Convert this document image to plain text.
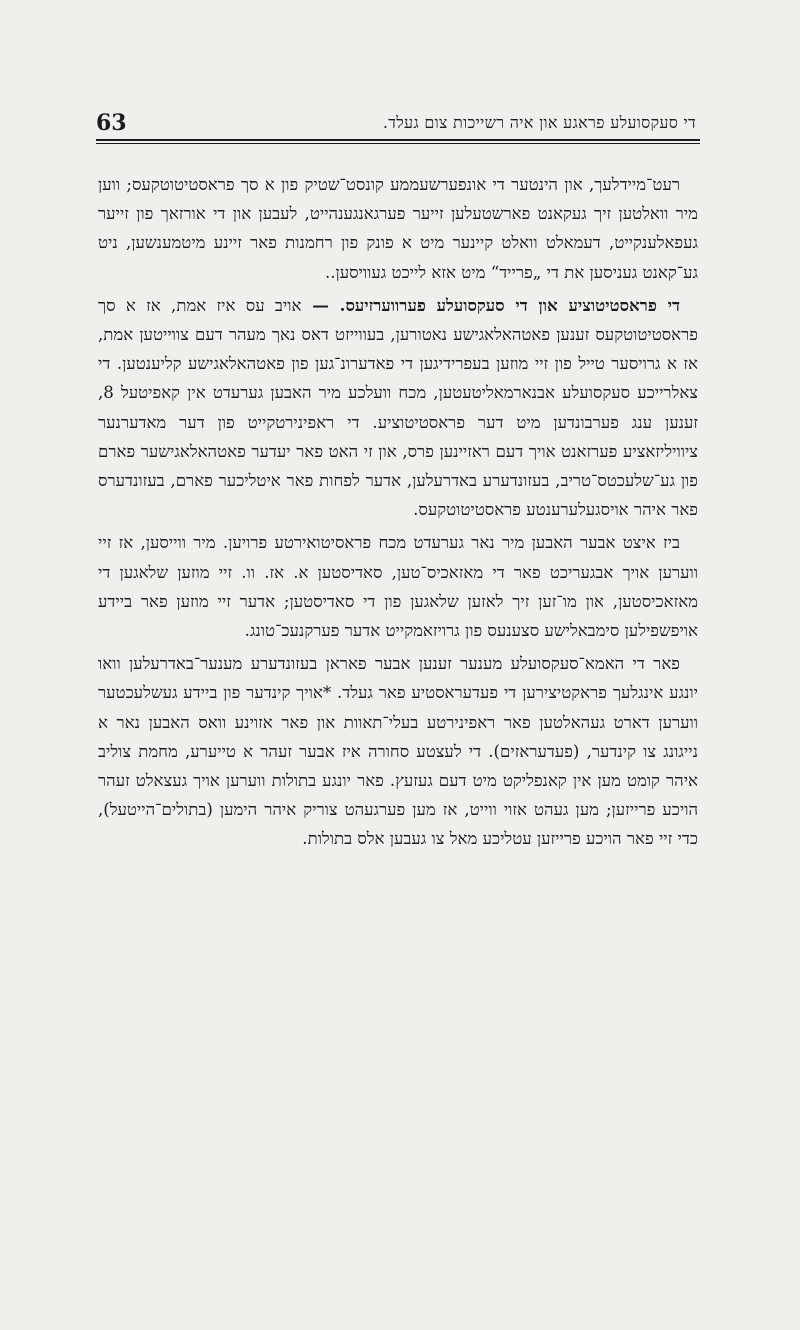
63	די סעקסועלע פראגע און איה רשייכות צום געלד.

רעט־מיידלעך, און הינטער די אונפערשעממע קונסט־שטיק פון א סך פראסטיטוטקעס; ווען מיר וואלטען זיך געקאנט פארשטעלען זייער פערגאנגענהייט, לעבען און די אורזאך פון זייער געפאלענקייט, דעמאלט וואלט קיינער מיט א פונק פון רחמנות פאר זיינע מיטמענשען, ניט גע־קאנט געניסען את די „פרייד“ מיט אזא לייכט געוויסען..

די פראסטיטוציע און די סעקסועלע פערווערזיעס. — אויב עס איז אמת, אז א סך פראסטיטוטקעס זענען פאטהאלאגישע נאטורען, בעווייזט דאס נאך מעהר דעם צווייטען אמת, אז א גרויסער טייל פון זיי מוזען בעפרידיגען די פאדערונ־גען פון פאטהאלאגישע קליענטען. די צאלרייכע סעקסועלע אבנארמאליטעטען, מכח וועלכע מיר האבען גערעדט אין קאפיטעל 8, זענען ענג פערבונדען מיט דער פראסטיטוציע. די ראפינירטקייט פון דער מאדערנער ציוויליזאציע פערזאנט אויך דעם ראזיינען פרס, און זי האט פאר יעדער פאטהאלאגישער פארם פון גע־שלעכטס־טריב, בעזונדערע באדרעלען, אדער לפחות פאר איטליכער פארם, בעזונדערס פאר איהר אויסגעלערענטע פראסטיטוטקעס.

ביז איצט אבער האבען מיר נאר גערעדט מכח פראסיטואירטע פרויען. מיר ווייסען, אז זיי ווערען אויך אבגעריכט פאר די מאזאכיס־טען, סאדיסטען א. אז. וו. זיי מוזען שלאגען די מאזאכיסטען, און מו־זען זיך לאזען שלאגען פון די סאדיסטען; אדער זיי מוזען פאר ביידע אויפשפילען סימבאלישע סצענעס פון גרויזאמקייט אדער פערקנעכ־טונג.

פאר די האמא־סעקסועלע מענער זענען אבער פאראן בעזונדערע מענער־באדרעלען וואו יונגע אינגלעך פראקטיצירען די פעדעראסטיע פאר געלד. *אויך קינדער פון ביידע געשלעכטער ווערען דארט געהאלטען פאר ראפינירטע בעלי־תאוות און פאר אזוינע וואס האבען נאר א נייגונג צו קינדער, (פעדעראזים). די לעצטע סחורה איז אבער זעהר א טייערע, מחמת צוליב איהר קומט מען אין קאנפליקט מיט דעם געזעץ. פאר יונגע בתולות ווערען אויך געצאלט זעהר הויכע פרייזען; מען געהט אזוי ווייט, אז מען פערגעהט צוריק איהר הימען (בתולים־הייטעל), כדי זיי פאר הויכע פרייזען עטליכע מאל צו געבען אלס בתולות.
